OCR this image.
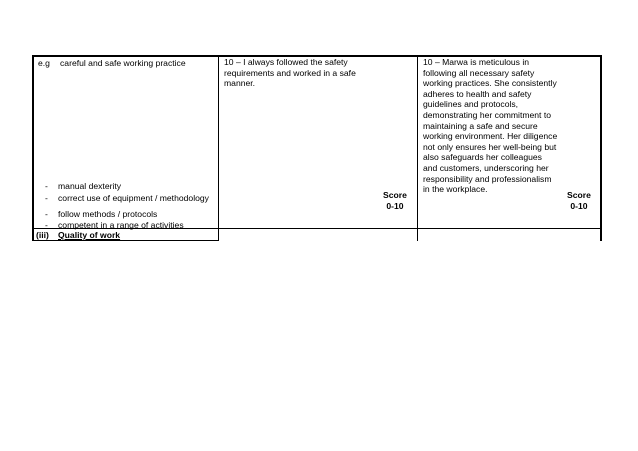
e.g careful and safe working practice
- manual dexterity
- correct use of equipment / methodology
- follow methods / protocols
- competent in a range of activities
10 – I always followed the safety
requirements and worked in a safe
manner.
Score
0-10
10 – Marwa is meticulous in
following all necessary safety
working practices. She consistently
adheres to health and safety
guidelines and protocols,
demonstrating her commitment to
maintaining a safe and secure
working environment. Her diligence
not only ensures her well-being but
also safeguards her colleagues
and customers, underscoring her
responsibility and professionalism
in the workplace.
Score
0-10
(iii) Quality of work
